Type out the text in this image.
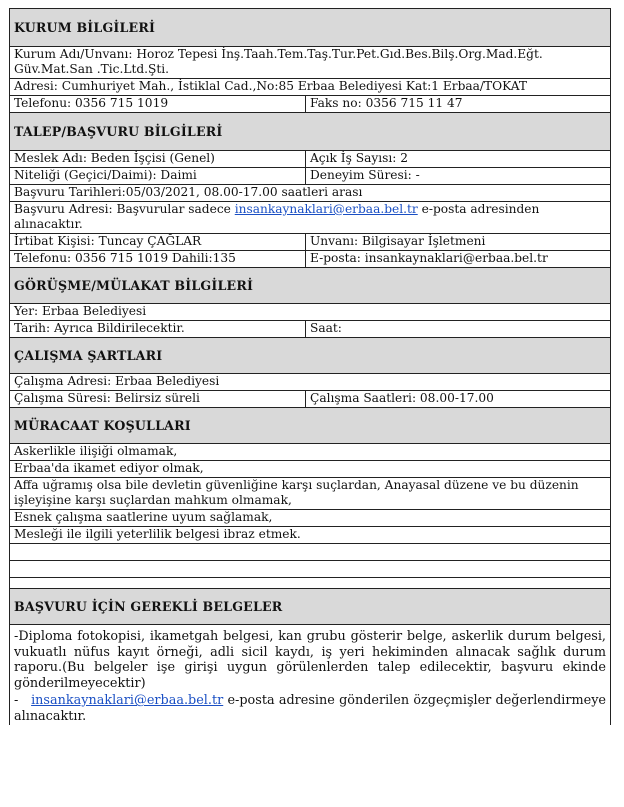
KURUM BİLGİLERİ	

Kurum Adı/Unvanı: Horoz Tepesi İnş.Taah.Tem.Taş.Tur.Pet.Gıd.Bes.Bilş.Org.Mad.Eğt.
Güv.Mat.San .Tic.Ltd.Şti.	

Adresi: Cumhuriyet Mah., İstiklal Cad.,No:85 Erbaa Belediyesi Kat:1 Erbaa/TOKAT	
Telefonu: 0356 715 1019	Faks no: 0356 715 11 47

TALEP/BAŞVURU BİLGİLERİ	

Meslek Adı: Beden İşçisi (Genel)	Açık İş Sayısı: 2
Niteliği (Geçici/Daimi): Daimi	Deneyim Süresi: -
Başvuru Tarihleri:05/03/2021, 08.00-17.00 saatleri arası	
Başvuru Adresi: Başvurular sadece insankaynaklari@erbaa.bel.tr e-posta adresinden alınacaktır.	
İrtibat Kişisi: Tuncay ÇAĞLAR	Unvanı: Bilgisayar İşletmeni
Telefonu: 0356 715 1019 Dahili:135	E-posta: insankaynaklari@erbaa.bel.tr

GÖRÜŞME/MÜLAKAT BİLGİLERİ	

Yer: Erbaa Belediyesi	
Tarih: Ayrıca Bildirilecektir.	Saat:

ÇALIŞMA ŞARTLARI	

Çalışma Adresi: Erbaa Belediyesi	
Çalışma Süresi: Belirsiz süreli	Çalışma Saatleri: 08.00-17.00

MÜRACAAT KOŞULLARI	

Askerlikle ilişiği olmamak,	
Erbaa'da ikamet ediyor olmak,	
Affa uğramış olsa bile devletin güvenliğine karşı suçlardan, Anayasal düzene ve bu düzenin işleyişine karşı suçlardan mahkum olmamak,	
Esnek çalışma saatlerine uyum sağlamak,	
Mesleği ile ilgili yeterlilik belgesi ibraz etmek.	

BAŞVURU İÇİN GEREKLİ BELGELER	

-Diploma fotokopisi, ikametgah belgesi, kan grubu gösterir belge, askerlik durum belgesi, vukuatlı nüfus kayıt örneği, adli sicil kaydı, iş yeri hekiminden alınacak sağlık durum raporu.(Bu belgeler işe girişi uygun görülenlerden talep edilecektir, başvuru ekinde gönderilmeyecektir)
- insankaynaklari@erbaa.bel.tr e-posta adresine gönderilen özgeçmişler değerlendirmeye alınacaktır.	
